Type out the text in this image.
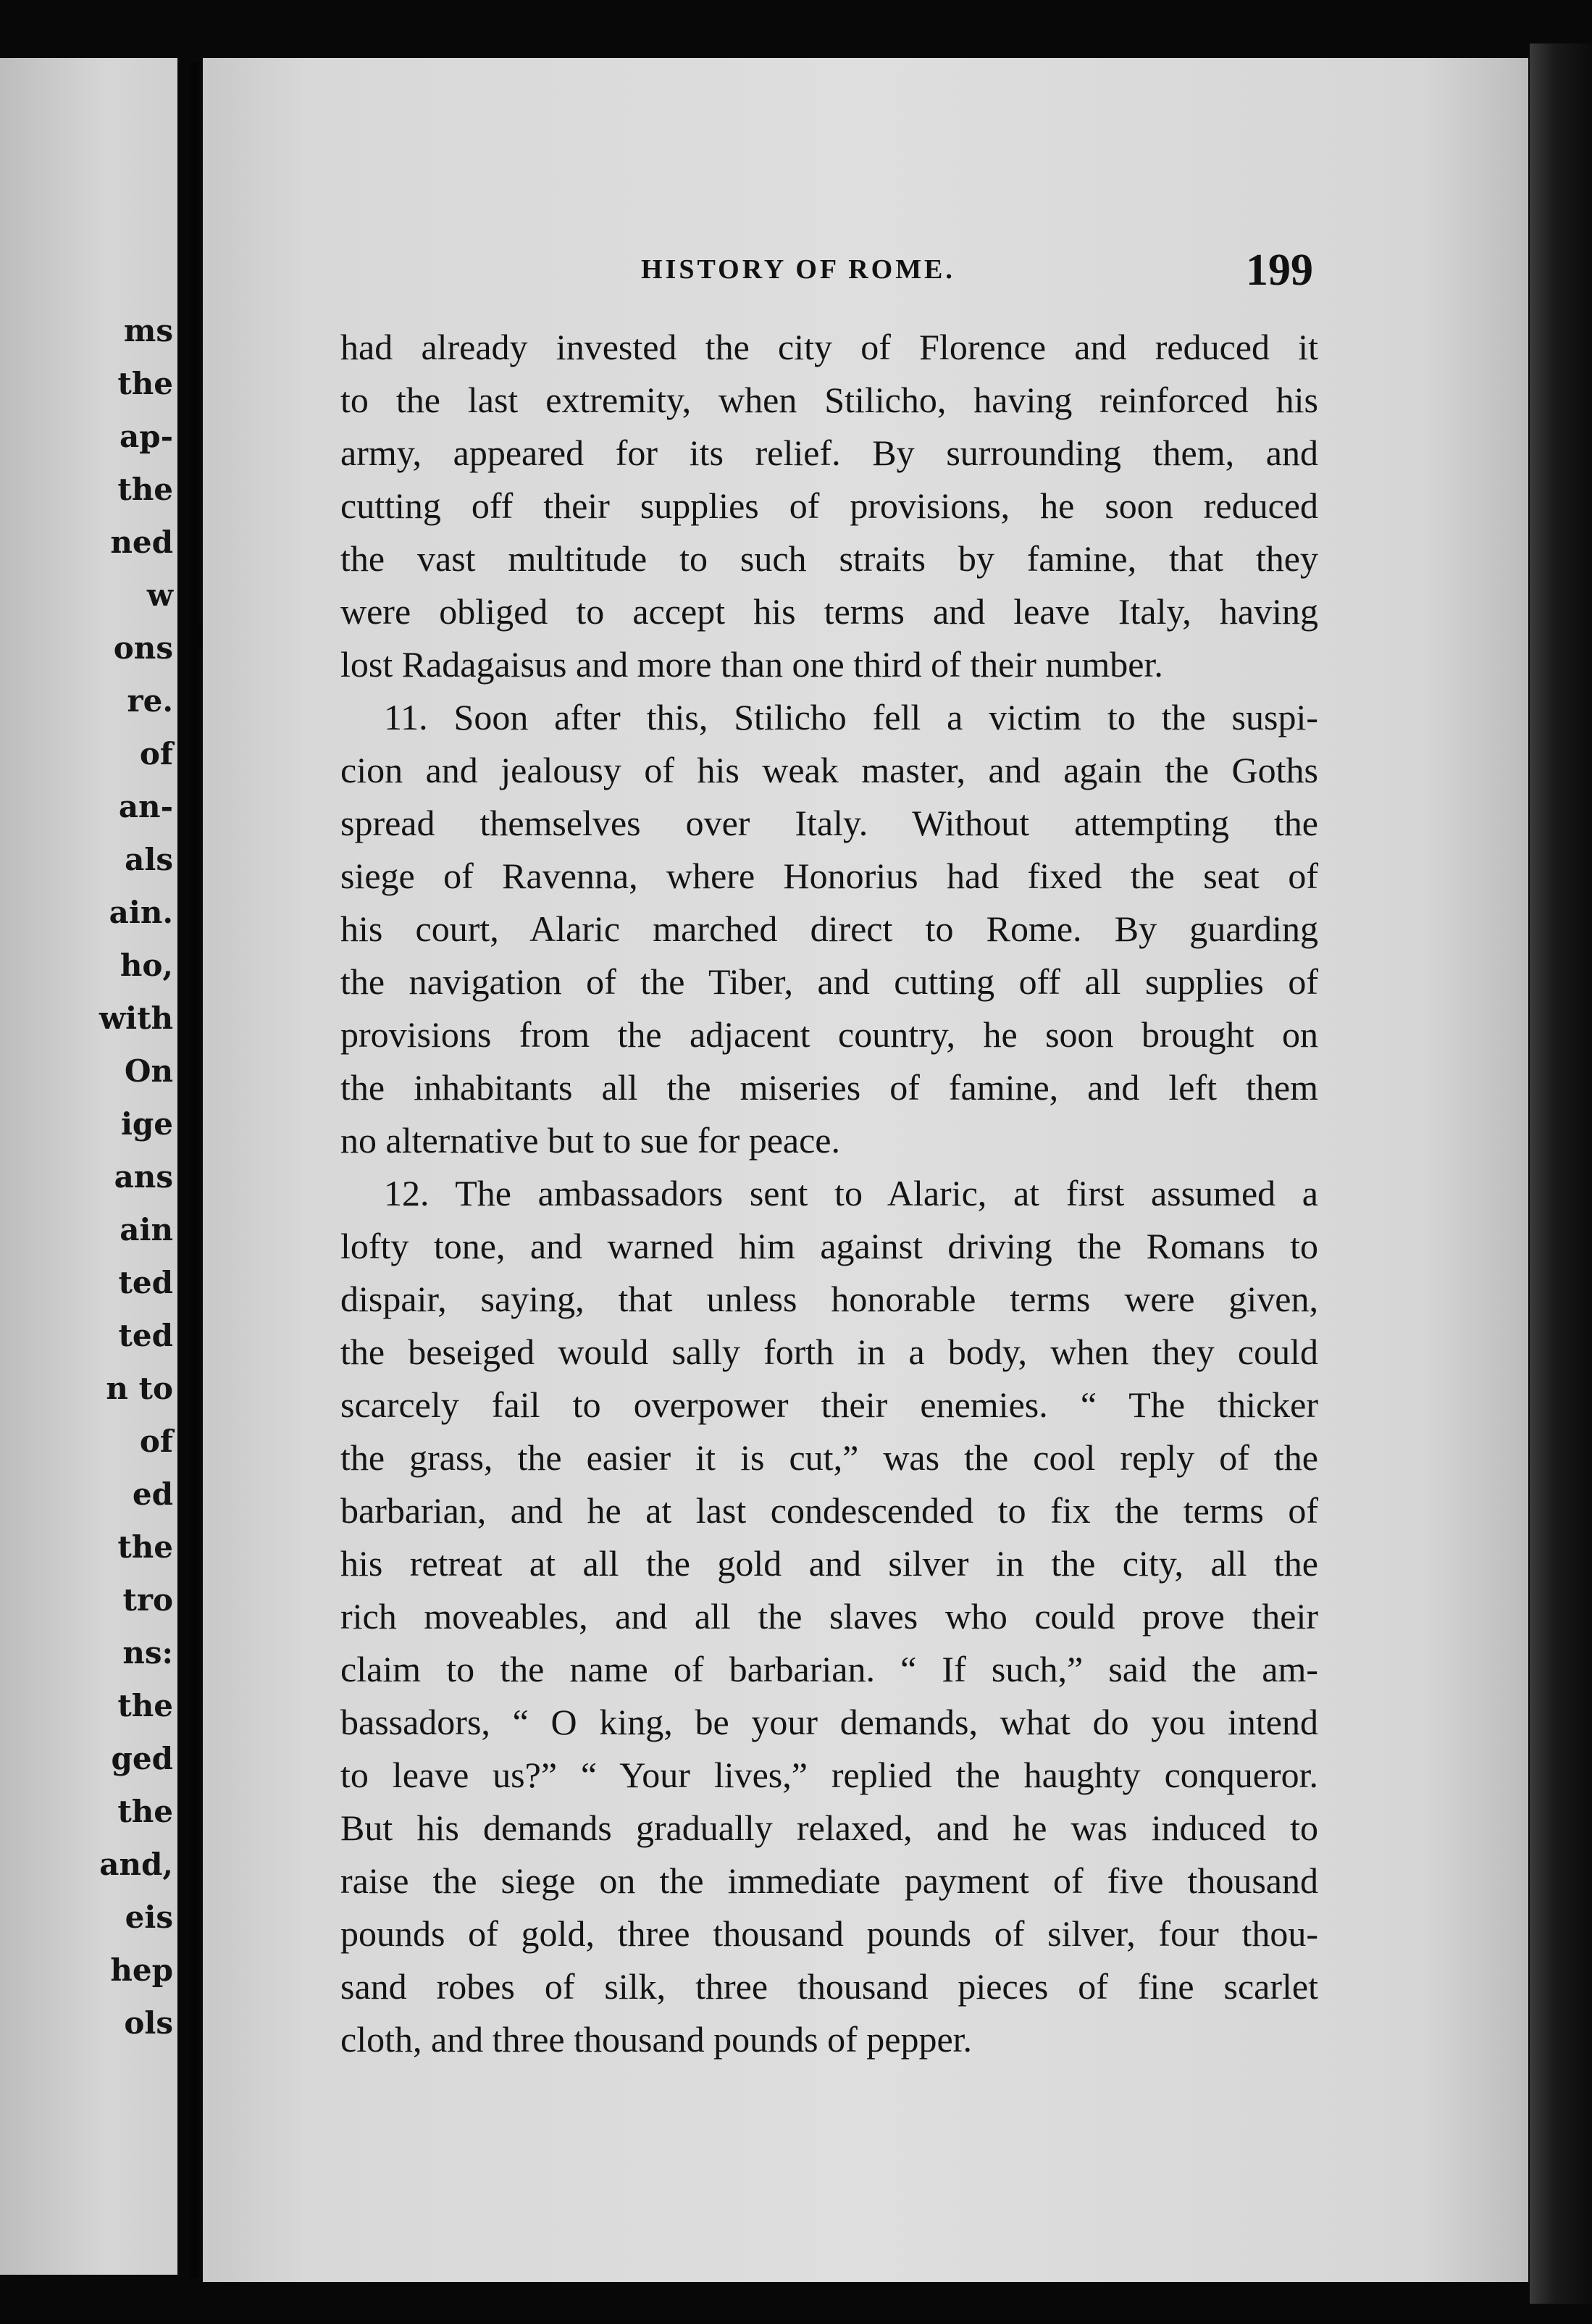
ms
the
ap-
the
ned
w
ons
re.
of
an-
als
ain.
ho,
with
On
ige
ans
ain
ted
ted
n to
of
ed
the
tro
ns:
the
ged
the
and,
eis
hep
ols
HISTORY OF ROME.	199
had already invested the city of Florence and reduced it
to the last extremity, when Stilicho, having reinforced his
army, appeared for its relief. By surrounding them, and
cutting off their supplies of provisions, he soon reduced
the vast multitude to such straits by famine, that they
were obliged to accept his terms and leave Italy, having
lost Radagaisus and more than one third of their number.
11. Soon after this, Stilicho fell a victim to the suspi-
cion and jealousy of his weak master, and again the Goths
spread themselves over Italy. Without attempting the
siege of Ravenna, where Honorius had fixed the seat of
his court, Alaric marched direct to Rome. By guarding
the navigation of the Tiber, and cutting off all supplies of
provisions from the adjacent country, he soon brought on
the inhabitants all the miseries of famine, and left them
no alternative but to sue for peace.
12. The ambassadors sent to Alaric, at first assumed a
lofty tone, and warned him against driving the Romans to
dispair, saying, that unless honorable terms were given,
the beseiged would sally forth in a body, when they could
scarcely fail to overpower their enemies. “ The thicker
the grass, the easier it is cut,” was the cool reply of the
barbarian, and he at last condescended to fix the terms of
his retreat at all the gold and silver in the city, all the
rich moveables, and all the slaves who could prove their
claim to the name of barbarian. “ If such,” said the am-
bassadors, “ O king, be your demands, what do you intend
to leave us?” “ Your lives,” replied the haughty conqueror.
But his demands gradually relaxed, and he was induced to
raise the siege on the immediate payment of five thousand
pounds of gold, three thousand pounds of silver, four thou-
sand robes of silk, three thousand pieces of fine scarlet
cloth, and three thousand pounds of pepper.
